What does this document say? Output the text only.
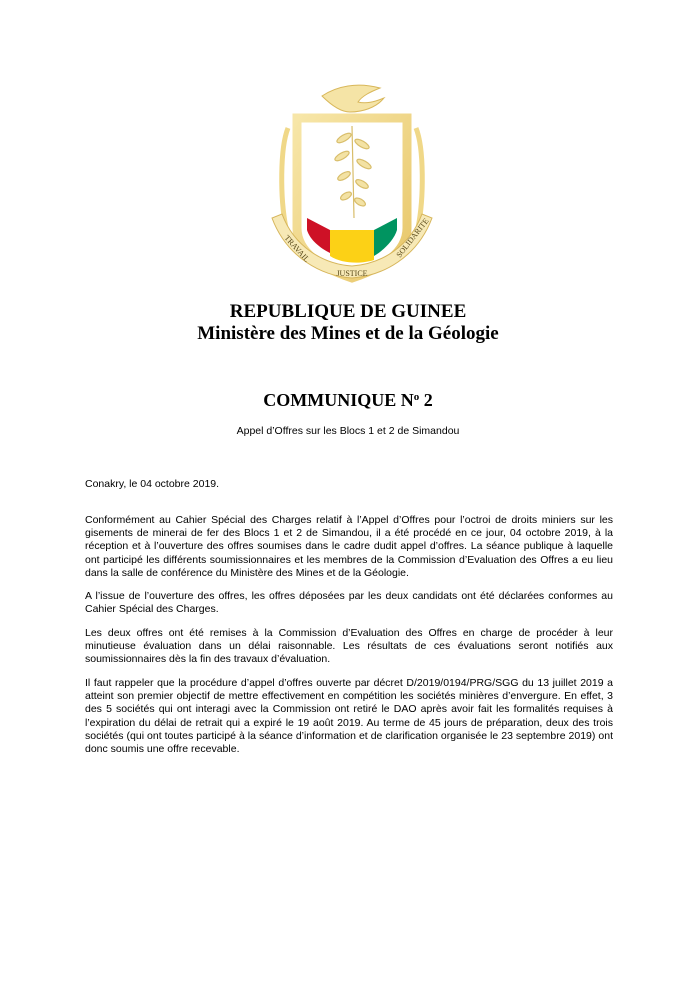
TRAVAIL
JUSTICE
SOLIDARITE
REPUBLIQUE DE GUINEE
Ministère des Mines et de la Géologie
COMMUNIQUE $N^o$ 2
Appel d’Offres sur les Blocs 1 et 2 de Simandou
Conakry, le 04 octobre 2019.

Conformément au Cahier Spécial des Charges relatif à l’Appel d’Offres pour l’octroi de droits miniers sur les gisements de minerai de fer des Blocs 1 et 2 de Simandou, il a été procédé en ce jour, 04 octobre 2019, à la réception et à l’ouverture des offres soumises dans le cadre dudit appel d’offres. La séance publique à laquelle ont participé les différents soumissionnaires et les membres de la Commission d’Evaluation des Offres a eu lieu dans la salle de conférence du Ministère des Mines et de la Géologie.

A l’issue de l’ouverture des offres, les offres déposées par les deux candidats ont été déclarées conformes au Cahier Spécial des Charges.

Les deux offres ont été remises à la Commission d’Evaluation des Offres en charge de procéder à leur minutieuse évaluation dans un délai raisonnable. Les résultats de ces évaluations seront notifiés aux soumissionnaires dès la fin des travaux d’évaluation.

Il faut rappeler que la procédure d’appel d’offres ouverte par décret D/2019/0194/PRG/SGG du 13 juillet 2019 a atteint son premier objectif de mettre effectivement en compétition les sociétés minières d’envergure. En effet, 3 des 5 sociétés qui ont interagi avec la Commission ont retiré le DAO après avoir fait les formalités requises à l’expiration du délai de retrait qui a expiré le 19 août 2019. Au terme de 45 jours de préparation, deux des trois sociétés (qui ont toutes participé à la séance d’information et de clarification organisée le 23 septembre 2019) ont donc soumis une offre recevable.
